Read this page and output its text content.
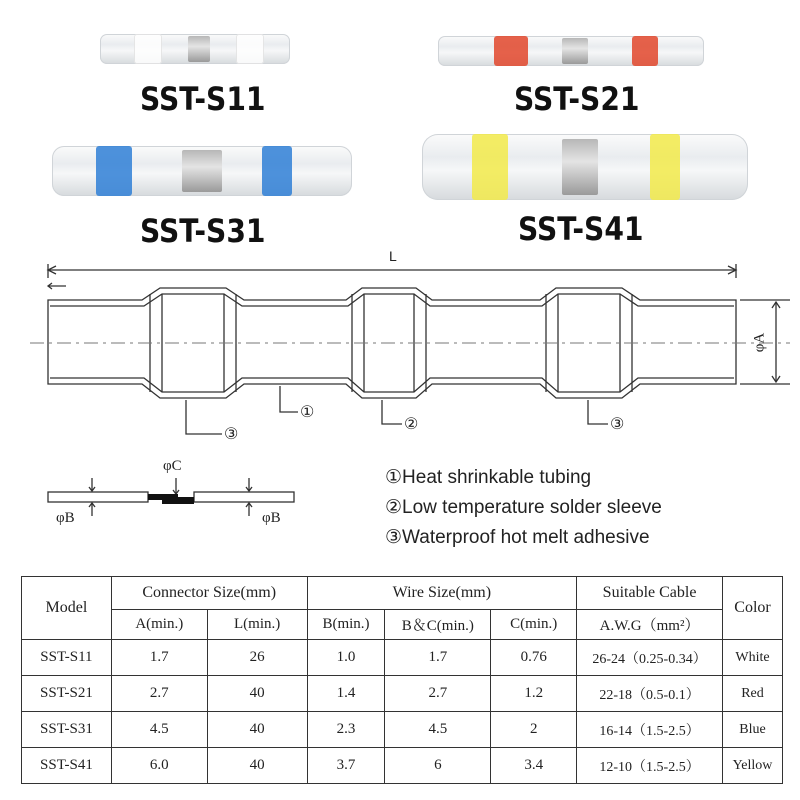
SST-S11	SST-S21
SST-S31	SST-S41
L
φA
①
③
②	③
φC
φB	φB
①Heat shrinkable tubing
②Low temperature solder sleeve
③Waterproof hot melt adhesive
Model	Connector Size(mm)		Wire Size(mm)			Suitable Cable	Color
	A(min.)	L(min.)	B(min.)	B＆C(min.)	C(min.)	A.W.G（mm²）	
SST-S11	1.7	26	1.0	1.7	0.76	26-24（0.25-0.34）	White
SST-S21	2.7	40	1.4	2.7	1.2	22-18（0.5-0.1）	Red
SST-S31	4.5	40	2.3	4.5	2	16-14（1.5-2.5）	Blue
SST-S41	6.0	40	3.7	6	3.4	12-10（1.5-2.5）	Yellow
